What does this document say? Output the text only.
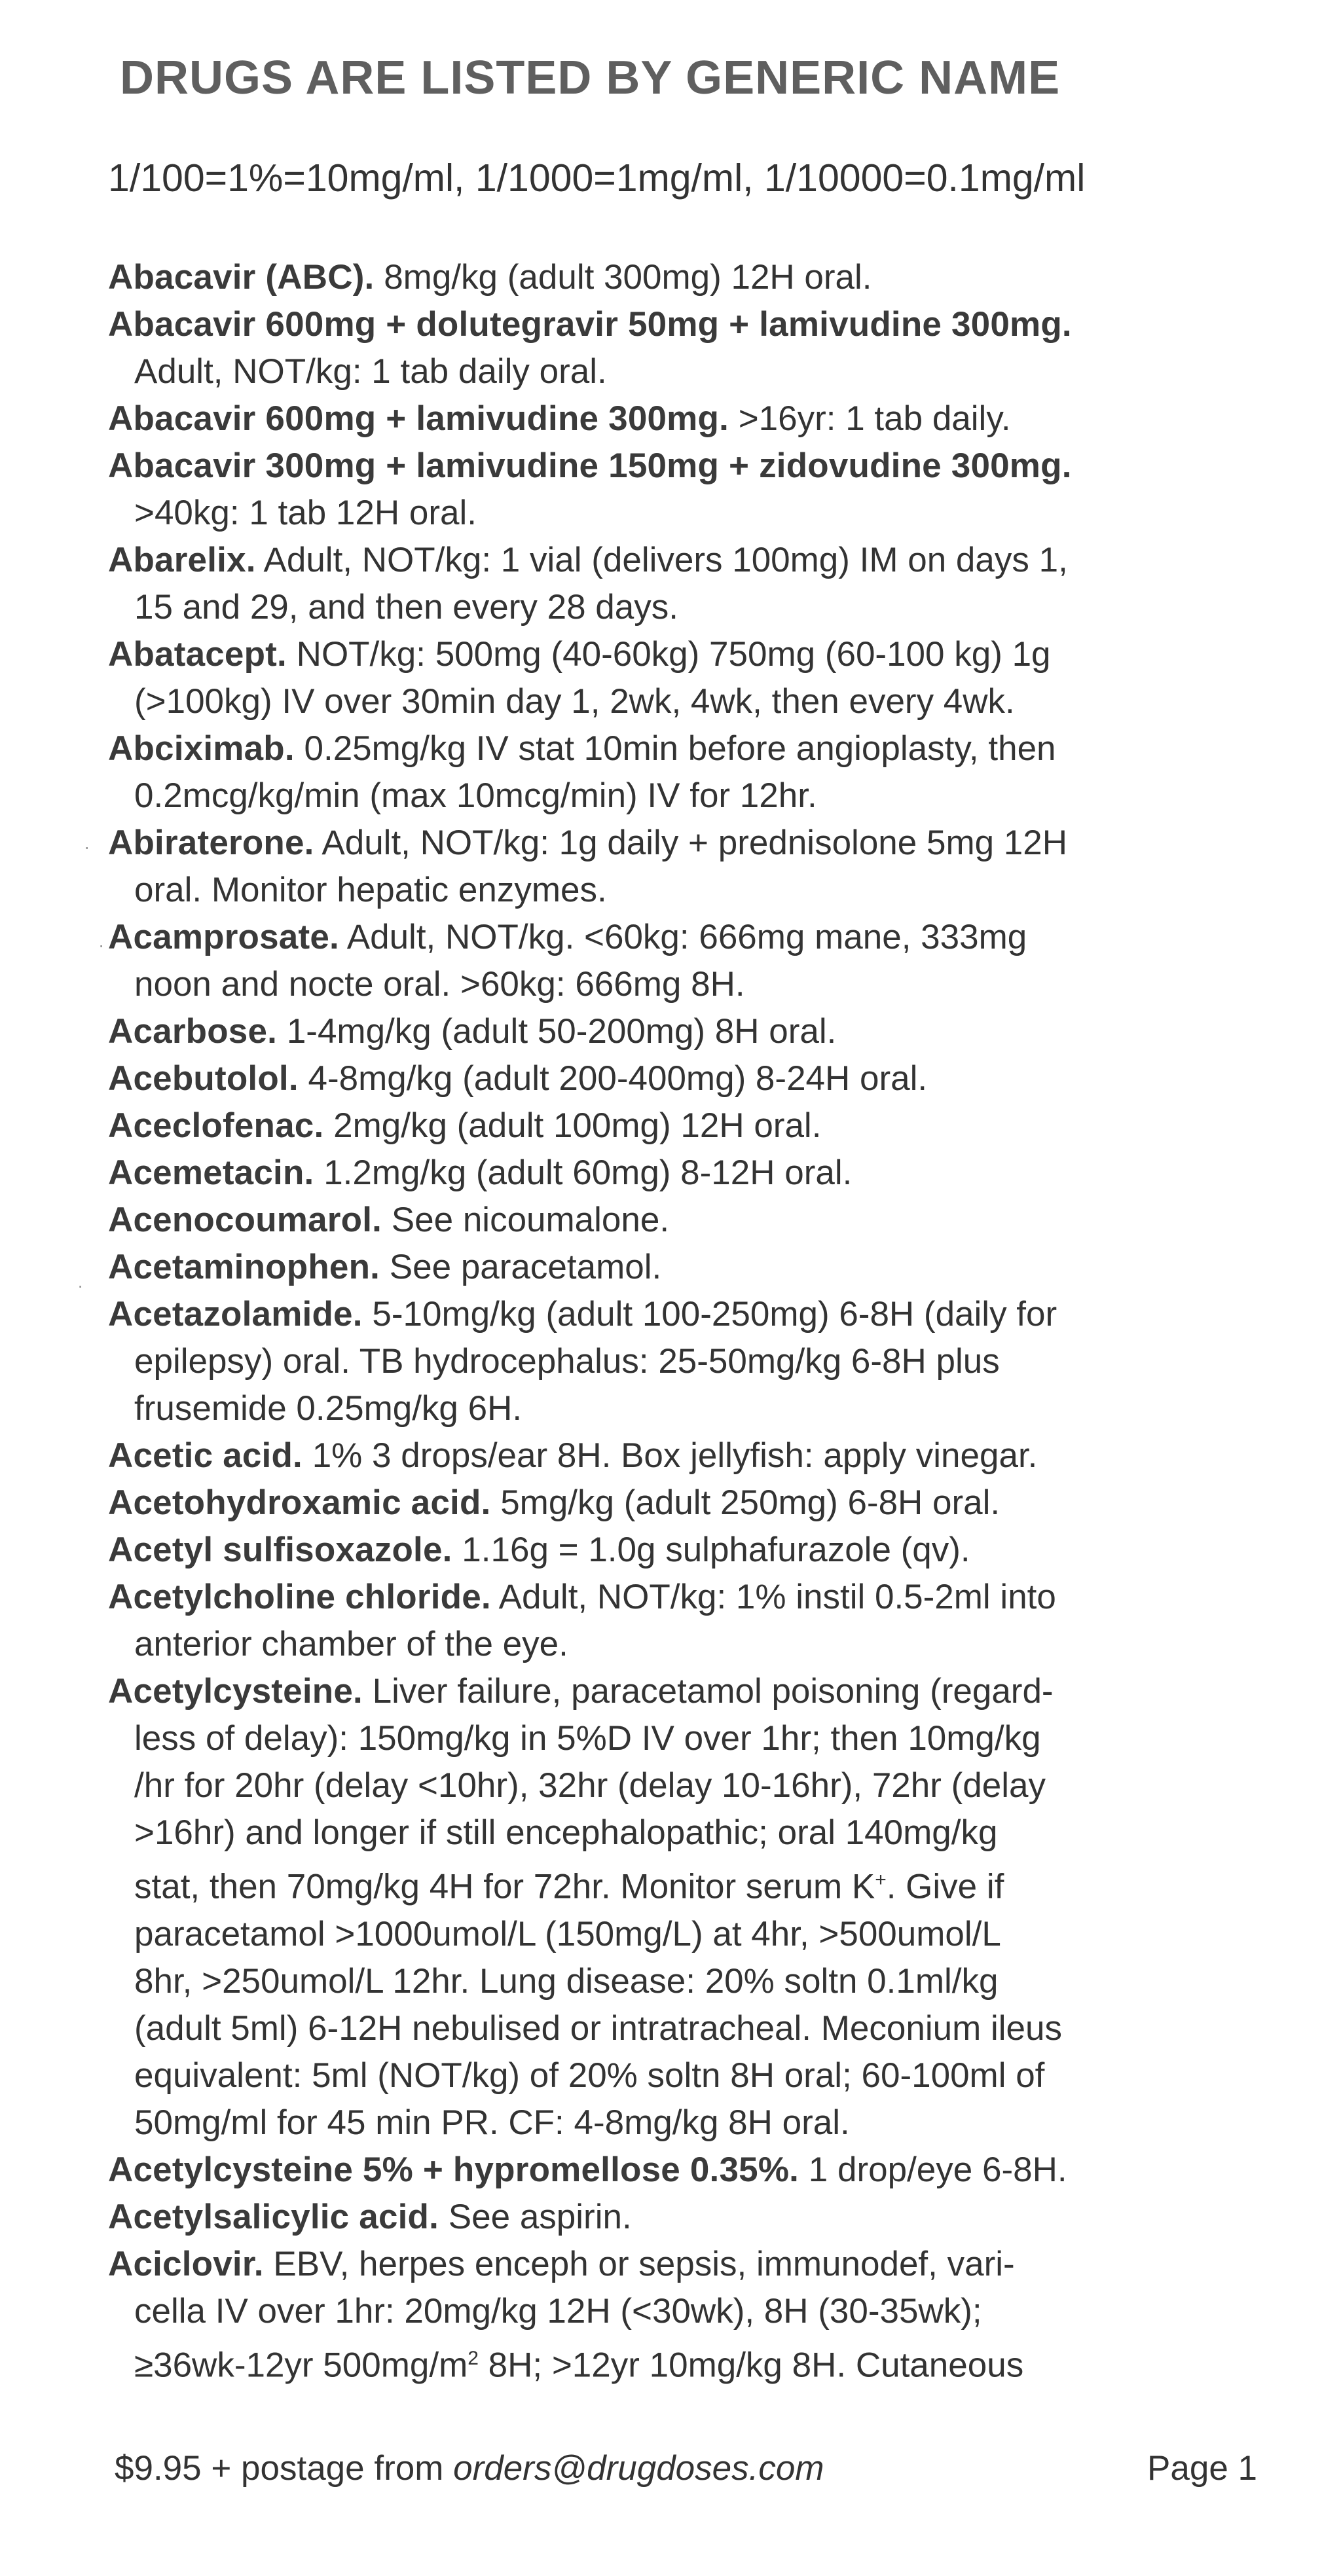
DRUGS ARE LISTED BY GENERIC NAME

1/100=1%=10mg/ml, 1/1000=1mg/ml, 1/10000=0.1mg/ml

Abacavir (ABC). 8mg/kg (adult 300mg) 12H oral.

Abacavir 600mg + dolutegravir 50mg + lamivudine 300mg.

Adult, NOT/kg: 1 tab daily oral.

Abacavir 600mg + lamivudine 300mg. >16yr: 1 tab daily.

Abacavir 300mg + lamivudine 150mg + zidovudine 300mg.

>40kg: 1 tab 12H oral.

Abarelix. Adult, NOT/kg: 1 vial (delivers 100mg) IM on days 1,

15 and 29, and then every 28 days.

Abatacept. NOT/kg: 500mg (40-60kg) 750mg (60-100 kg) 1g

(>100kg) IV over 30min day 1, 2wk, 4wk, then every 4wk.

Abciximab. 0.25mg/kg IV stat 10min before angioplasty, then

0.2mcg/kg/min (max 10mcg/min) IV for 12hr.

Abiraterone. Adult, NOT/kg: 1g daily + prednisolone 5mg 12H

oral. Monitor hepatic enzymes.

Acamprosate. Adult, NOT/kg. <60kg: 666mg mane, 333mg

noon and nocte oral. >60kg: 666mg 8H.

Acarbose. 1-4mg/kg (adult 50-200mg) 8H oral.

Acebutolol. 4-8mg/kg (adult 200-400mg) 8-24H oral.

Aceclofenac. 2mg/kg (adult 100mg) 12H oral.

Acemetacin. 1.2mg/kg (adult 60mg) 8-12H oral.

Acenocoumarol. See nicoumalone.

Acetaminophen. See paracetamol.

Acetazolamide. 5-10mg/kg (adult 100-250mg) 6-8H (daily for

epilepsy) oral. TB hydrocephalus: 25-50mg/kg 6-8H plus

frusemide 0.25mg/kg 6H.

Acetic acid. 1% 3 drops/ear 8H. Box jellyfish: apply vinegar.

Acetohydroxamic acid. 5mg/kg (adult 250mg) 6-8H oral.

Acetyl sulfisoxazole. 1.16g = 1.0g sulphafurazole (qv).

Acetylcholine chloride. Adult, NOT/kg: 1% instil 0.5-2ml into

anterior chamber of the eye.

Acetylcysteine. Liver failure, paracetamol poisoning (regard-

less of delay): 150mg/kg in 5%D IV over 1hr; then 10mg/kg

/hr for 20hr (delay <10hr), 32hr (delay 10-16hr), 72hr (delay

>16hr) and longer if still encephalopathic; oral 140mg/kg

stat, then 70mg/kg 4H for 72hr. Monitor serum K+. Give if

paracetamol >1000umol/L (150mg/L) at 4hr, >500umol/L

8hr, >250umol/L 12hr. Lung disease: 20% soltn 0.1ml/kg

(adult 5ml) 6-12H nebulised or intratracheal. Meconium ileus

equivalent: 5ml (NOT/kg) of 20% soltn 8H oral; 60-100ml of

50mg/ml for 45 min PR. CF: 4-8mg/kg 8H oral.

Acetylcysteine 5% + hypromellose 0.35%. 1 drop/eye 6-8H.

Acetylsalicylic acid. See aspirin.

Aciclovir. EBV, herpes enceph or sepsis, immunodef, vari-

cella IV over 1hr: 20mg/kg 12H (<30wk), 8H (30-35wk);

≥36wk-12yr $500mg/m^2$ 8H; >12yr 10mg/kg 8H. Cutaneous

$9.95 + postage from orders@drugdoses.com	Page 1
·
·
·
